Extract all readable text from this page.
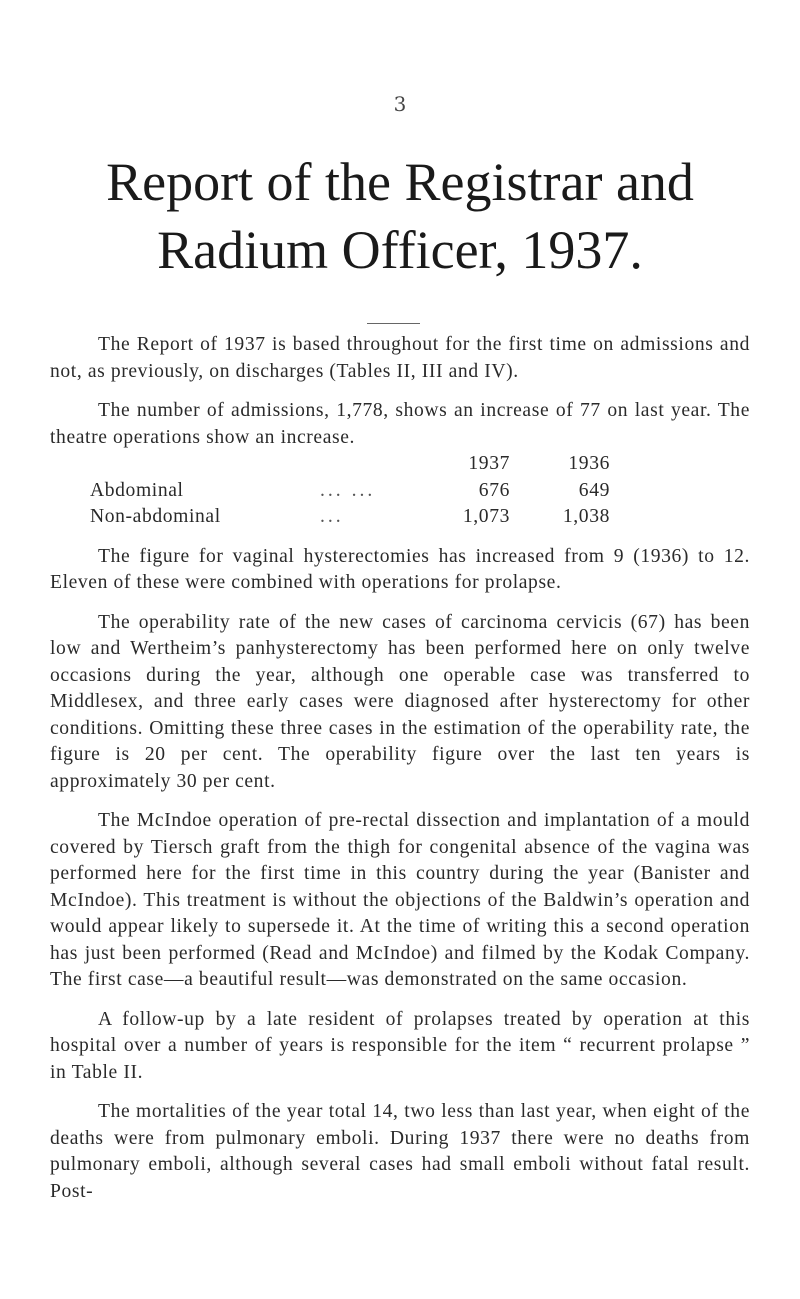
3
Report of the Registrar and
Radium Officer, 1937.

The Report of 1937 is based throughout for the first time on admissions and not, as previously, on discharges (Tables II, III and IV).

The number of admissions, 1,778, shows an increase of 77 on last year. The theatre operations show an increase.

		1937	1936
Abdominal	... ...	676	649
Non-abdominal	...	1,073	1,038

The figure for vaginal hysterectomies has increased from 9 (1936) to 12. Eleven of these were combined with operations for prolapse.

The operability rate of the new cases of carcinoma cervicis (67) has been low and Wertheim’s panhysterectomy has been performed here on only twelve occasions during the year, although one operable case was transferred to Middlesex, and three early cases were diagnosed after hysterectomy for other conditions. Omitting these three cases in the estimation of the operability rate, the figure is 20 per cent. The operability figure over the last ten years is approximately 30 per cent.

The McIndoe operation of pre-rectal dissection and implantation of a mould covered by Tiersch graft from the thigh for congenital absence of the vagina was performed here for the first time in this country during the year (Banister and McIndoe). This treatment is without the objections of the Baldwin’s operation and would appear likely to supersede it. At the time of writing this a second operation has just been performed (Read and McIndoe) and filmed by the Kodak Company. The first case—a beautiful result—was demonstrated on the same occasion.

A follow-up by a late resident of prolapses treated by operation at this hospital over a number of years is responsible for the item “ recurrent prolapse ” in Table II.

The mortalities of the year total 14, two less than last year, when eight of the deaths were from pulmonary emboli. During 1937 there were no deaths from pulmonary emboli, although several cases had small emboli without fatal result. Post-
